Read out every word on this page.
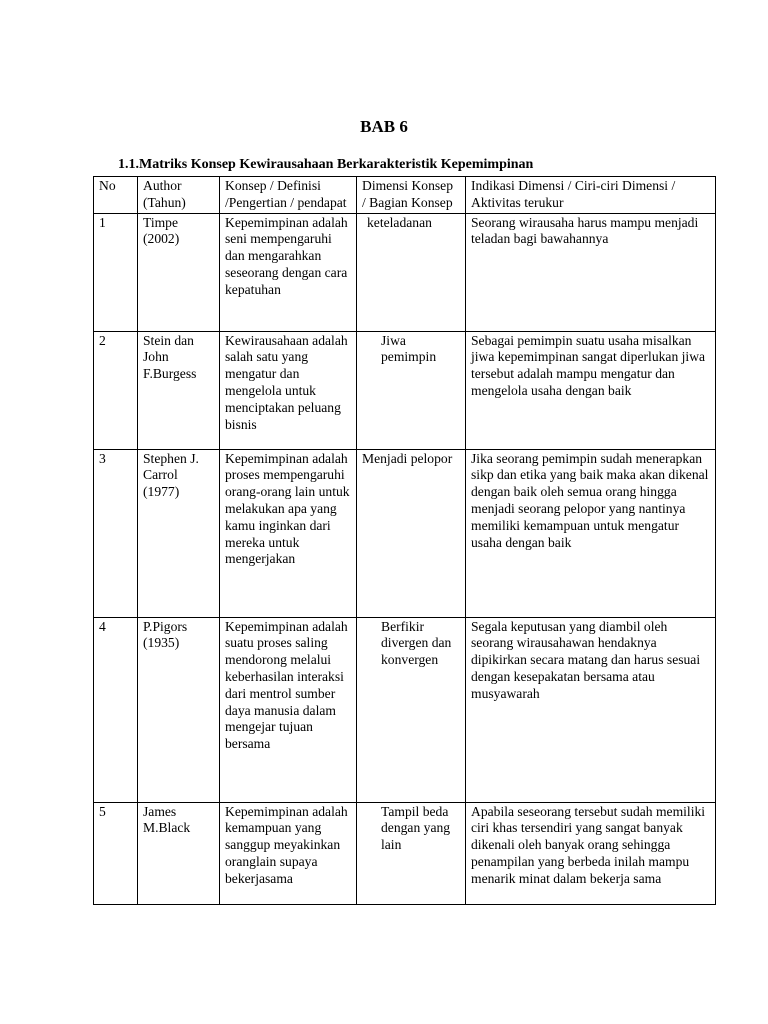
BAB 6
1.1.Matriks Konsep Kewirausahaan Berkarakteristik Kepemimpinan
No	Author (Tahun)	Konsep / Definisi /Pengertian / pendapat	Dimensi Konsep / Bagian Konsep	Indikasi Dimensi / Ciri-ciri Dimensi / Aktivitas terukur
1	Timpe (2002)	Kepemimpinan adalah seni mempengaruhi dan mengarahkan seseorang dengan cara kepatuhan	keteladanan	Seorang wirausaha harus mampu menjadi teladan bagi bawahannya
2	Stein dan John F.Burgess	Kewirausahaan adalah salah satu yang mengatur dan mengelola untuk menciptakan peluang bisnis	Jiwa pemimpin	Sebagai pemimpin suatu usaha misalkan jiwa kepemimpinan sangat diperlukan jiwa tersebut adalah mampu mengatur dan mengelola usaha dengan baik
3	Stephen J. Carrol (1977)	Kepemimpinan adalah proses mempengaruhi orang-orang lain untuk melakukan apa yang kamu inginkan dari mereka untuk mengerjakan	Menjadi pelopor	Jika seorang pemimpin sudah menerapkan sikp dan etika yang baik maka akan dikenal dengan baik oleh semua orang hingga menjadi seorang pelopor yang nantinya memiliki kemampuan untuk mengatur usaha dengan baik
4	P.Pigors (1935)	Kepemimpinan adalah suatu proses saling mendorong melalui keberhasilan interaksi dari mentrol sumber daya manusia dalam mengejar tujuan bersama	Berfikir divergen dan konvergen	Segala keputusan yang diambil oleh seorang wirausahawan hendaknya dipikirkan secara matang dan harus sesuai dengan kesepakatan bersama atau musyawarah
5	James M.Black	Kepemimpinan adalah kemampuan yang sanggup meyakinkan oranglain supaya bekerjasama	Tampil beda dengan yang lain	Apabila seseorang tersebut sudah memiliki ciri khas tersendiri yang sangat banyak dikenali oleh banyak orang sehingga penampilan yang berbeda inilah mampu menarik minat dalam bekerja sama
